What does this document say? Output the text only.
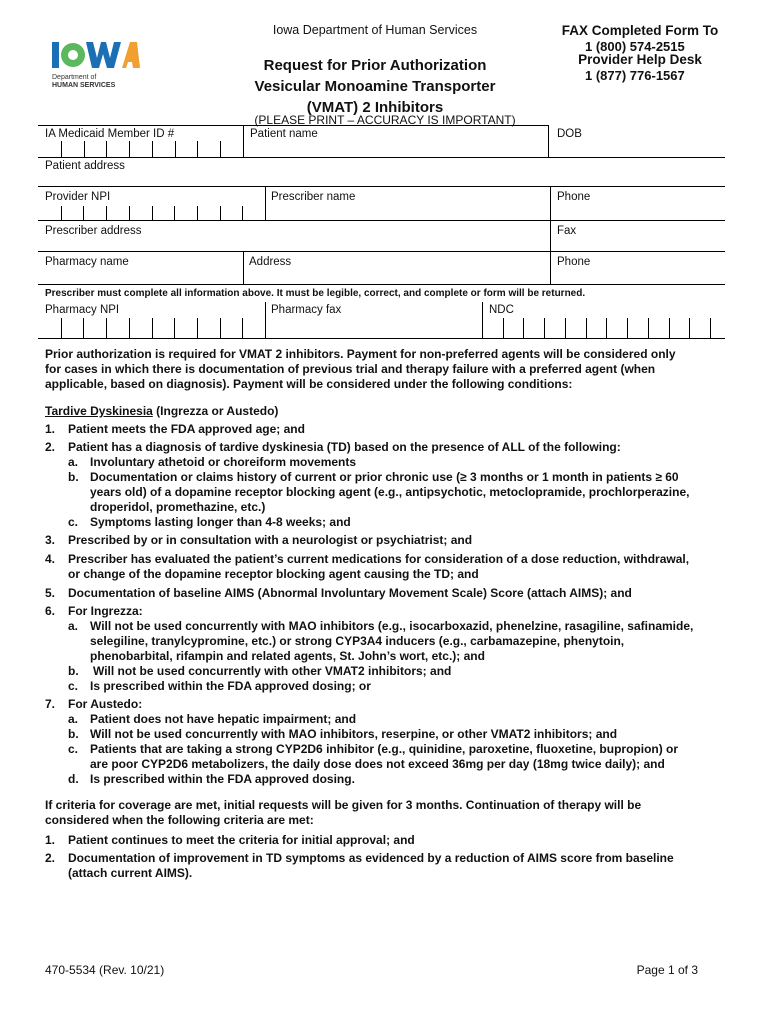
Department of
HUMAN SERVICES
Iowa Department of Human Services
Request for Prior Authorization
Vesicular Monoamine Transporter
(VMAT) 2 Inhibitors
FAX Completed Form To
1 (800) 574-2515
Provider Help Desk
1 (877) 776-1567
(PLEASE PRINT – ACCURACY IS IMPORTANT)
IA Medicaid Member ID #	Patient name	DOB
Patient address
Provider NPI	Prescriber name	Phone
Prescriber address	Fax
Pharmacy name	Address	Phone
Prescriber must complete all information above. It must be legible, correct, and complete or form will be returned.
Pharmacy NPI	Pharmacy fax	NDC
Prior authorization is required for VMAT 2 inhibitors. Payment for non-preferred agents will be considered only
for cases in which there is documentation of previous trial and therapy failure with a preferred agent (when
applicable, based on diagnosis). Payment will be considered under the following conditions:
Tardive Dyskinesia (Ingrezza or Austedo)
1. Patient meets the FDA approved age; and
2. Patient has a diagnosis of tardive dyskinesia (TD) based on the presence of ALL of the following:
a. Involuntary athetoid or choreiform movements
b. Documentation or claims history of current or prior chronic use (≥ 3 months or 1 month in patients ≥ 60
years old) of a dopamine receptor blocking agent (e.g., antipsychotic, metoclopramide, prochlorperazine,
droperidol, promethazine, etc.)
c. Symptoms lasting longer than 4-8 weeks; and
3. Prescribed by or in consultation with a neurologist or psychiatrist; and
4. Prescriber has evaluated the patient’s current medications for consideration of a dose reduction, withdrawal,
or change of the dopamine receptor blocking agent causing the TD; and
5. Documentation of baseline AIMS (Abnormal Involuntary Movement Scale) Score (attach AIMS); and
6. For Ingrezza:
a. Will not be used concurrently with MAO inhibitors (e.g., isocarboxazid, phenelzine, rasagiline, safinamide,
selegiline, tranylcypromine, etc.) or strong CYP3A4 inducers (e.g., carbamazepine, phenytoin,
phenobarbital, rifampin and related agents, St. John’s wort, etc.); and
b. Will not be used concurrently with other VMAT2 inhibitors; and
c. Is prescribed within the FDA approved dosing; or
7. For Austedo:
a. Patient does not have hepatic impairment; and
b. Will not be used concurrently with MAO inhibitors, reserpine, or other VMAT2 inhibitors; and
c. Patients that are taking a strong CYP2D6 inhibitor (e.g., quinidine, paroxetine, fluoxetine, bupropion) or
are poor CYP2D6 metabolizers, the daily dose does not exceed 36mg per day (18mg twice daily); and
d. Is prescribed within the FDA approved dosing.
If criteria for coverage are met, initial requests will be given for 3 months. Continuation of therapy will be
considered when the following criteria are met:
1. Patient continues to meet the criteria for initial approval; and
2. Documentation of improvement in TD symptoms as evidenced by a reduction of AIMS score from baseline
(attach current AIMS).
470-5534 (Rev. 10/21)	Page 1 of 3
